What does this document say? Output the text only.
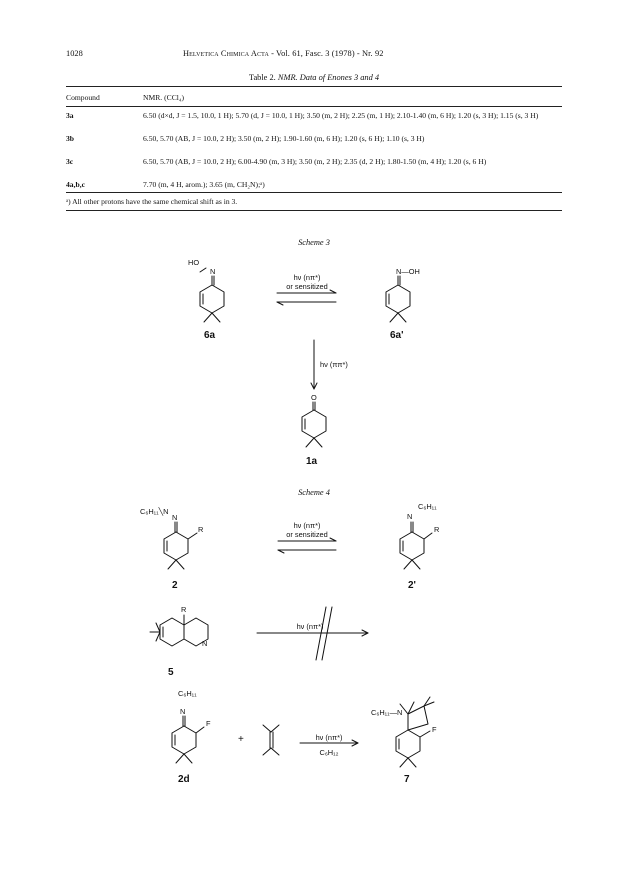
1028	Helvetica Chimica Acta - Vol. 61, Fasc. 3 (1978) - Nr. 92
Table 2. NMR. Data of Enones 3 and 4
Compound	NMR. (CCl₄)
3a	6.50 (d×d, J = 1.5, 10.0, 1 H); 5.70 (d, J = 10.0, 1 H); 3.50 (m, 2 H); 2.25 (m, 1 H); 2.10-1.40 (m, 6 H); 1.20 (s, 3 H); 1.15 (s, 3 H)
3b	6.50, 5.70 (AB, J = 10.0, 2 H); 3.50 (m, 2 H); 1.90-1.60 (m, 6 H); 1.20 (s, 6 H); 1.10 (s, 3 H)
3c	6.50, 5.70 (AB, J = 10.0, 2 H); 6.00-4.90 (m, 3 H); 3.50 (m, 2 H); 2.35 (d, 2 H); 1.80-1.50 (m, 4 H); 1.20 (s, 6 H)
4a,b,c	7.70 (m, 4 H, arom.); 3.65 (m, CH₂N);ᵃ)
ᵃ) All other protons have the same chemical shift as in 3.
Scheme 3
Scheme 4
HO
N	N—OH
O
hν (nπ*)
or sensitized
hν (ππ*)
6a	6a'
1a
C₆H₁₁╲N
N
R
N
C₆H₁₁
R
hν (nπ*)
or sensitized
2	2'
R
N
hν (nπ*)
5
C₆H₁₁
N
F
+	hν (nπ*)
C₆H₁₂
C₆H₁₁—N
F
2d	7
